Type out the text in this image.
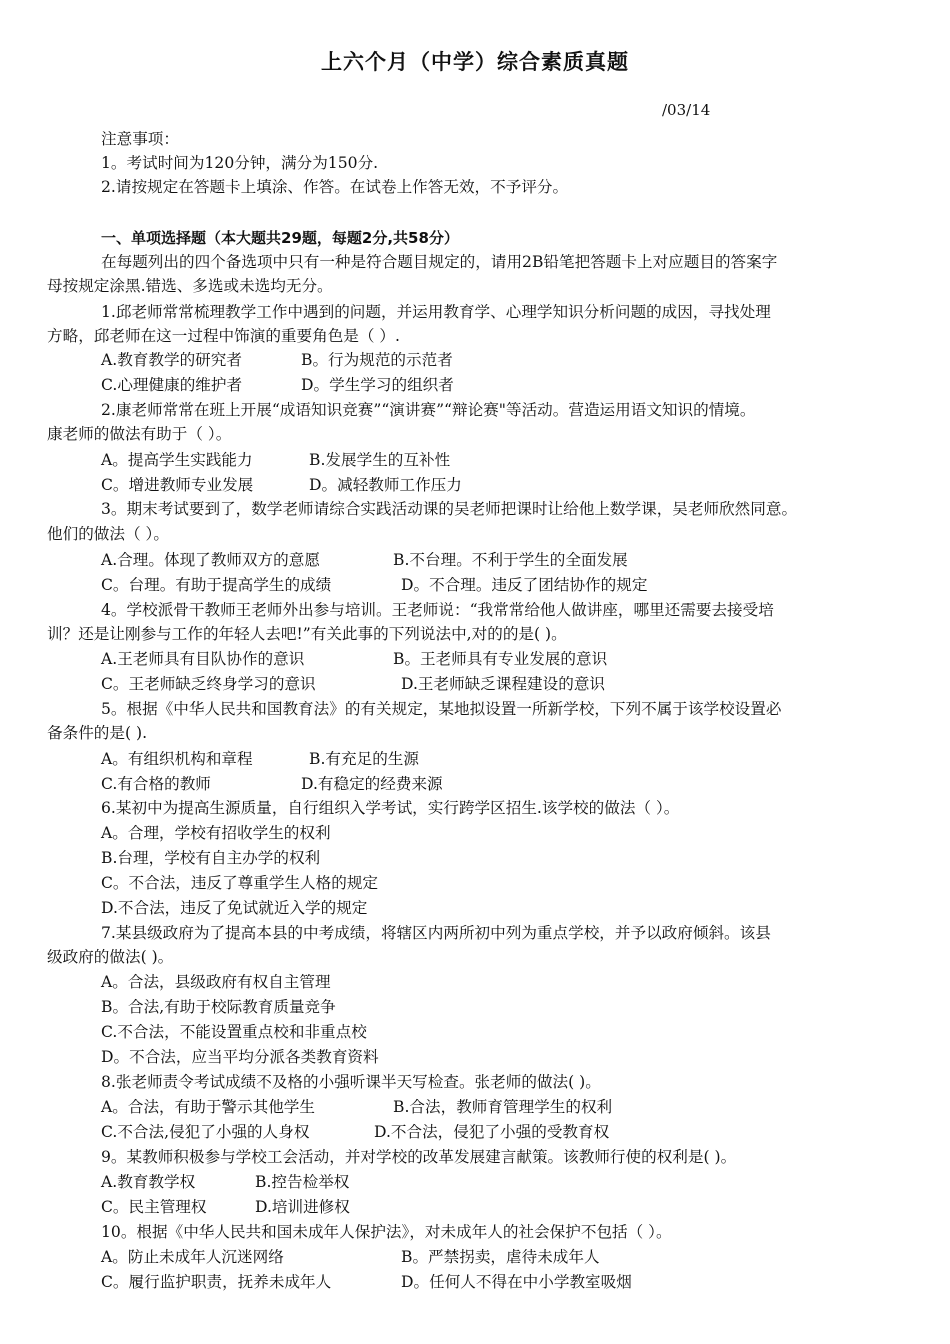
上六个月（中学）综合素质真题
/03/14
注意事项：
1。考试时间为120分钟，满分为150分.
2.请按规定在答题卡上填涂、作答。在试卷上作答无效，不予评分。
一、单项选择题（本大题共29题，每题2分,共58分）
在每题列出的四个备选项中只有一种是符合题目规定的，请用2B铅笔把答题卡上对应题目的答案字
母按规定涂黑.错选、多选或未选均无分。
1.邱老师常常梳理教学工作中遇到的问题，并运用教育学、心理学知识分析问题的成因，寻找处理
方略，邱老师在这一过程中饰演的重要角色是（ ）.
A.教育教学的研究者	B。行为规范的示范者
C.心理健康的维护者	D。学生学习的组织者
2.康老师常常在班上开展“成语知识竞赛”“演讲赛”“辩论赛"等活动。营造运用语文知识的情境。
康老师的做法有助于（ ）。
A。提高学生实践能力	B.发展学生的互补性
C。增进教师专业发展	D。减轻教师工作压力
3。期末考试要到了，数学老师请综合实践活动课的吴老师把课时让给他上数学课，吴老师欣然同意。
他们的做法（ ）。
A.合理。体现了教师双方的意愿	B.不台理。不利于学生的全面发展
C。台理。有助于提高学生的成绩	D。不合理。违反了团结协作的规定
4。学校派骨干教师王老师外出参与培训。王老师说：“我常常给他人做讲座，哪里还需要去接受培
训？还是让刚参与工作的年轻人去吧!”有关此事的下列说法中,对的的是( )。
A.王老师具有目队协作的意识	B。王老师具有专业发展的意识
C。王老师缺乏终身学习的意识	D.王老师缺乏课程建设的意识
5。根据《中华人民共和国教育法》的有关规定，某地拟设置一所新学校，下列不属于该学校设置必
备条件的是( ).
A。有组织机构和章程	B.有充足的生源
C.有合格的教师	D.有稳定的经费来源
6.某初中为提高生源质量，自行组织入学考试，实行跨学区招生.该学校的做法（ ）。
A。合理，学校有招收学生的权利
B.台理，学校有自主办学的权利
C。不合法，违反了尊重学生人格的规定
D.不合法，违反了免试就近入学的规定
7.某县级政府为了提高本县的中考成绩，将辖区内两所初中列为重点学校，并予以政府倾斜。该县
级政府的做法( )。
A。合法，县级政府有权自主管理
B。合法,有助于校际教育质量竞争
C.不合法，不能设置重点校和非重点校
D。不合法，应当平均分派各类教育资料
8.张老师责令考试成绩不及格的小强听课半天写检查。张老师的做法( )。
A。合法，有助于警示其他学生	B.合法，教师育管理学生的权利
C.不合法,侵犯了小强的人身权	D.不合法，侵犯了小强的受教育权
9。某教师积极参与学校工会活动，并对学校的改革发展建言献策。该教师行使的权利是( )。
A.教育教学权	B.控告检举权
C。民主管理权	D.培训进修权
10。根据《中华人民共和国未成年人保护法》，对未成年人的社会保护不包括（ ）。
A。防止未成年人沉迷网络	B。严禁拐卖，虐待未成年人
C。履行监护职责，抚养未成年人	D。任何人不得在中小学教室吸烟
